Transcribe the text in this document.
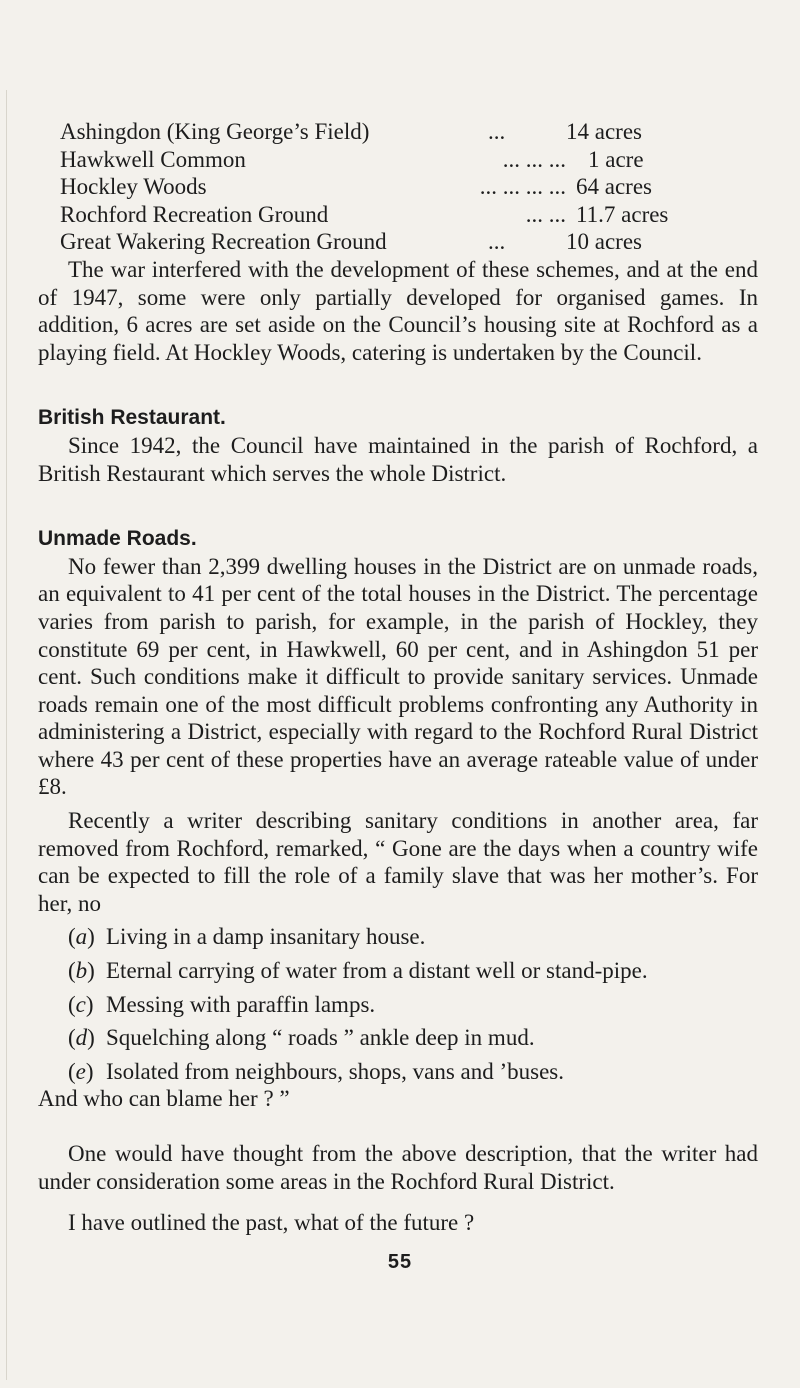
Ashingdon (King George’s Field)	...	14 acres
Hawkwell Common	... ... ... 1 acre
Hockley Woods	... ... ... ... 64 acres
Rochford Recreation Ground	... ... 11.7 acres
Great Wakering Recreation Ground	...	10 acres

The war interfered with the development of these schemes, and at the end of 1947, some were only partially developed for organised games. In addition, 6 acres are set aside on the Council’s housing site at Rochford as a playing field. At Hockley Woods, catering is undertaken by the Council.

British Restaurant.

Since 1942, the Council have maintained in the parish of Rochford, a British Restaurant which serves the whole District.

Unmade Roads.

No fewer than 2,399 dwelling houses in the District are on unmade roads, an equivalent to 41 per cent of the total houses in the District. The percentage varies from parish to parish, for example, in the parish of Hockley, they constitute 69 per cent, in Hawkwell, 60 per cent, and in Ashingdon 51 per cent. Such conditions make it difficult to provide sanitary services. Unmade roads remain one of the most difficult problems confronting any Authority in administering a District, especially with regard to the Rochford Rural District where 43 per cent of these properties have an average rateable value of under £8.

Recently a writer describing sanitary conditions in another area, far removed from Rochford, remarked, “ Gone are the days when a country wife can be expected to fill the role of a family slave that was her mother’s. For her, no

(a) Living in a damp insanitary house.
(b) Eternal carrying of water from a distant well or stand-pipe.
(c) Messing with paraffin lamps.
(d) Squelching along “ roads ” ankle deep in mud.
(e) Isolated from neighbours, shops, vans and ’buses.

And who can blame her ? ”

One would have thought from the above description, that the writer had under consideration some areas in the Rochford Rural District.

I have outlined the past, what of the future ?

55
